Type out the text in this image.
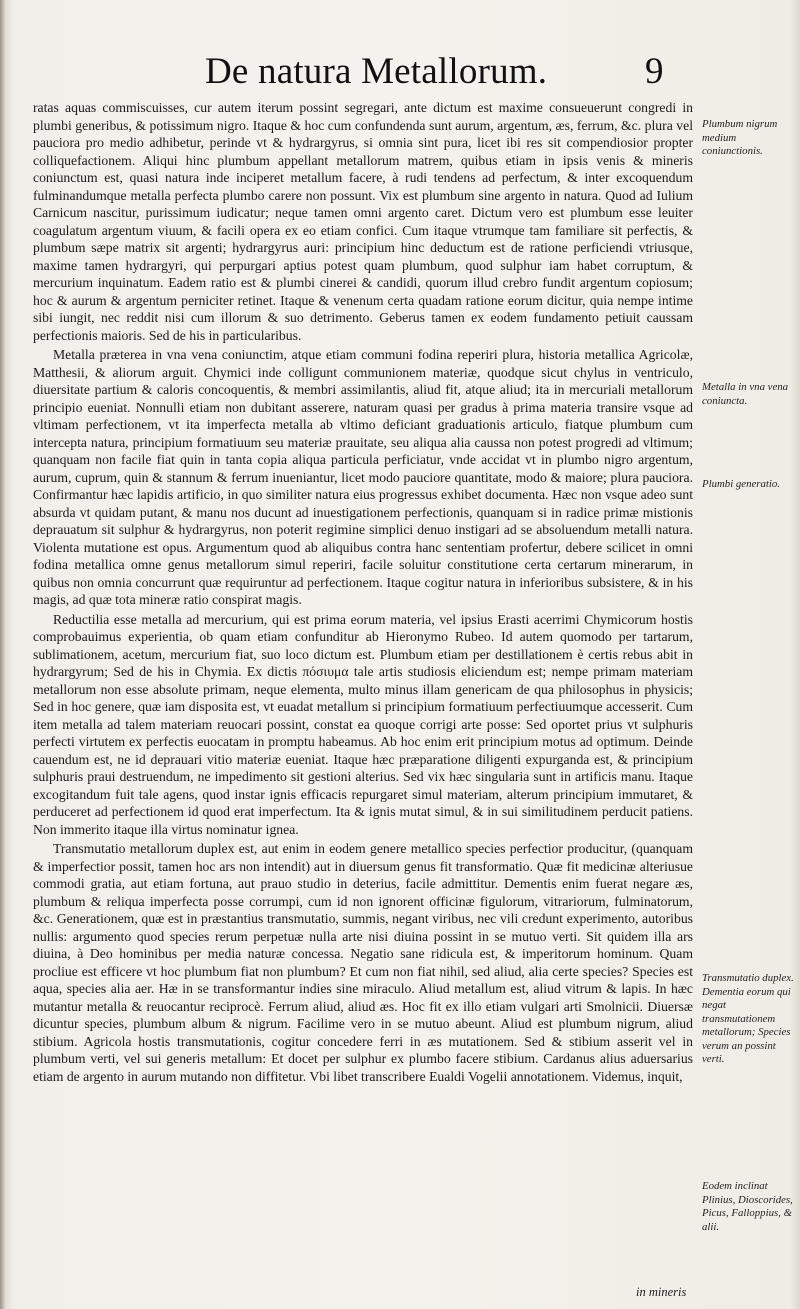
De natura Metallorum.	9

ratas aquas commiscuisses, cur autem iterum possint segregari, ante dictum est maxime consueuerunt congredi in plumbi generibus, & potissimum nigro. Itaque & hoc cum confundenda sunt aurum, argentum, æs, ferrum, &c. plura vel pauciora pro medio adhibetur, perinde vt & hydrargyrus, si omnia sint pura, licet ibi res sit compendiosior propter colliquefactionem. Aliqui hinc plumbum appellant metallorum matrem, quibus etiam in ipsis venis & mineris coniunctum est, quasi natura inde inciperet metallum facere, à rudi tendens ad perfectum, & inter excoquendum fulminandumque metalla perfecta plumbo carere non possunt. Vix est plumbum sine argento in natura. Quod ad Iulium Carnicum nascitur, purissimum iudicatur; neque tamen omni argento caret. Dictum vero est plumbum esse leuiter coagulatum argentum viuum, & facili opera ex eo etiam confici. Cum itaque vtrumque tam familiare sit perfectis, & plumbum sæpe matrix sit argenti; hydrargyrus auri: principium hinc deductum est de ratione perficiendi vtriusque, maxime tamen hydrargyri, qui perpurgari aptius potest quam plumbum, quod sulphur iam habet corruptum, & mercurium inquinatum. Eadem ratio est & plumbi cinerei & candidi, quorum illud crebro fundit argentum copiosum; hoc & aurum & argentum perniciter retinet. Itaque & venenum certa quadam ratione eorum dicitur, quia nempe intime sibi iungit, nec reddit nisi cum illorum & suo detrimento. Geberus tamen ex eodem fundamento petiuit caussam perfectionis maioris. Sed de his in particularibus.

Metalla præterea in vna vena coniunctim, atque etiam communi fodina reperiri plura, historia metallica Agricolæ, Matthesii, & aliorum arguit. Chymici inde colligunt communionem materiæ, quodque sicut chylus in ventriculo, diuersitate partium & caloris concoquentis, & membri assimilantis, aliud fit, atque aliud; ita in mercuriali metallorum principio eueniat. Nonnulli etiam non dubitant asserere, naturam quasi per gradus à prima materia transire vsque ad vltimam perfectionem, vt ita imperfecta metalla ab vltimo deficiant graduationis articulo, fiatque plumbum cum intercepta natura, principium formatiuum seu materiæ prauitate, seu aliqua alia caussa non potest progredi ad vltimum; quanquam non facile fiat quin in tanta copia aliqua particula perficiatur, vnde accidat vt in plumbo nigro argentum, aurum, cuprum, quin & stannum & ferrum inueniantur, licet modo pauciore quantitate, modo & maiore; plura pauciora. Confirmantur hæc lapidis artificio, in quo similiter natura eius progressus exhibet documenta. Hæc non vsque adeo sunt absurda vt quidam putant, & manu nos ducunt ad inuestigationem perfectionis, quanquam si in radice primæ mistionis deprauatum sit sulphur & hydrargyrus, non poterit regimine simplici denuo instigari ad se absoluendum metalli natura. Violenta mutatione est opus. Argumentum quod ab aliquibus contra hanc sententiam profertur, debere scilicet in omni fodina metallica omne genus metallorum simul reperiri, facile soluitur constitutione certa certarum minerarum, in quibus non omnia concurrunt quæ requiruntur ad perfectionem. Itaque cogitur natura in inferioribus subsistere, & in his magis, ad quæ tota mineræ ratio conspirat magis.

Reductilia esse metalla ad mercurium, qui est prima eorum materia, vel ipsius Erasti acerrimi Chymicorum hostis comprobauimus experientia, ob quam etiam confunditur ab Hieronymo Rubeo. Id autem quomodo per tartarum, sublimationem, acetum, mercurium fiat, suo loco dictum est. Plumbum etiam per destillationem è certis rebus abit in hydrargyrum; Sed de his in Chymia. Ex dictis πόσιυμα tale artis studiosis eliciendum est; nempe primam materiam metallorum non esse absolute primam, neque elementa, multo minus illam genericam de qua philosophus in physicis; Sed in hoc genere, quæ iam disposita est, vt euadat metallum si principium formatiuum perfectiuumque accesserit. Cum item metalla ad talem materiam reuocari possint, constat ea quoque corrigi arte posse: Sed oportet prius vt sulphuris perfecti virtutem ex perfectis euocatam in promptu habeamus. Ab hoc enim erit principium motus ad optimum. Deinde cauendum est, ne id deprauari vitio materiæ eueniat. Itaque hæc præparatione diligenti expurganda est, & principium sulphuris praui destruendum, ne impedimento sit gestioni alterius. Sed vix hæc singularia sunt in artificis manu. Itaque excogitandum fuit tale agens, quod instar ignis efficacis repurgaret simul materiam, alterum principium immutaret, & perduceret ad perfectionem id quod erat imperfectum. Ita & ignis mutat simul, & in sui similitudinem perducit patiens. Non immerito itaque illa virtus nominatur ignea.

Transmutatio metallorum duplex est, aut enim in eodem genere metallico species perfectior producitur, (quanquam & imperfectior possit, tamen hoc ars non intendit) aut in diuersum genus fit transformatio. Quæ fit medicinæ alteriusue commodi gratia, aut etiam fortuna, aut prauo studio in deterius, facile admittitur. Dementis enim fuerat negare æs, plumbum & reliqua imperfecta posse corrumpi, cum id non ignorent officinæ figulorum, vitrariorum, fulminatorum, &c. Generationem, quæ est in præstantius transmutatio, summis, negant viribus, nec vili credunt experimento, autoribus nullis: argumento quod species rerum perpetuæ nulla arte nisi diuina possint in se mutuo verti. Sit quidem illa ars diuina, à Deo hominibus per media naturæ concessa. Negatio sane ridicula est, & imperitorum hominum. Quam procliue est efficere vt hoc plumbum fiat non plumbum? Et cum non fiat nihil, sed aliud, alia certe species? Species est aqua, species alia aer. Hæ in se transformantur indies sine miraculo. Aliud metallum est, aliud vitrum & lapis. In hæc mutantur metalla & reuocantur reciprocè. Ferrum aliud, aliud æs. Hoc fit ex illo etiam vulgari arti Smolnicii. Diuersæ dicuntur species, plumbum album & nigrum. Facilime vero in se mutuo abeunt. Aliud est plumbum nigrum, aliud stibium. Agricola hostis transmutationis, cogitur concedere ferri in æs mutationem. Sed & stibium asserit vel in plumbum verti, vel sui generis metallum: Et docet per sulphur ex plumbo facere stibium. Cardanus alius aduersarius etiam de argento in aurum mutando non diffitetur. Vbi libet transcribere Eualdi Vogelii annotationem. Videmus, inquit,

Plumbum nigrum medium coniunctionis.
Metalla in vna vena coniuncta.
Plumbi generatio.
Transmutatio duplex. Dementia eorum qui negat transmutationem metallorum; Species verum an possint verti.
Eodem inclinat Plinius, Dioscorides, Picus, Falloppius, & alii.
in mineris
